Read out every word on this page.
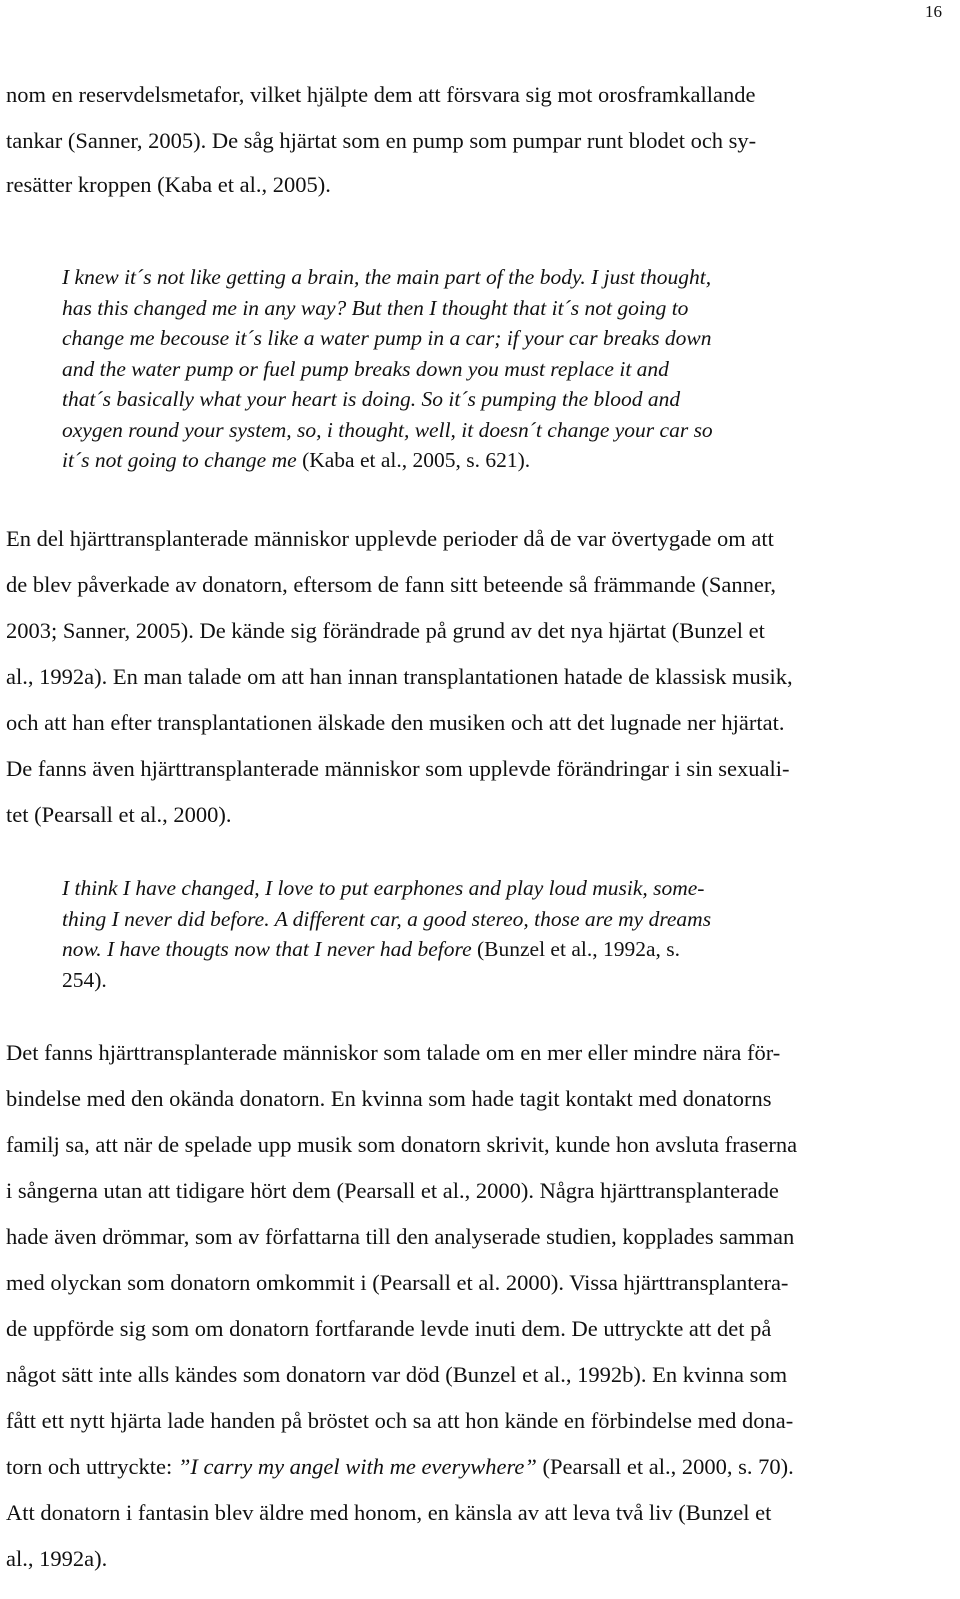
16
nom en reservdelsmetafor, vilket hjälpte dem att försvara sig mot orosframkallande
tankar (Sanner, 2005). De såg hjärtat som en pump som pumpar runt blodet och sy-
resätter kroppen (Kaba et al., 2005).
I knew it´s not like getting a brain, the main part of the body. I just thought,
has this changed me in any way? But then I thought that it´s not going to
change me becouse it´s like a water pump in a car; if your car breaks down
and the water pump or fuel pump breaks down you must replace it and
that´s basically what your heart is doing. So it´s pumping the blood and
oxygen round your system, so, i thought, well, it doesn´t change your car so
it´s not going to change me (Kaba et al., 2005, s. 621).
En del hjärttransplanterade människor upplevde perioder då de var övertygade om att
de blev påverkade av donatorn, eftersom de fann sitt beteende så främmande (Sanner,
2003; Sanner, 2005). De kände sig förändrade på grund av det nya hjärtat (Bunzel et
al., 1992a). En man talade om att han innan transplantationen hatade de klassisk musik,
och att han efter transplantationen älskade den musiken och att det lugnade ner hjärtat.
De fanns även hjärttransplanterade människor som upplevde förändringar i sin sexuali-
tet (Pearsall et al., 2000).
I think I have changed, I love to put earphones and play loud musik, some-
thing I never did before. A different car, a good stereo, those are my dreams
now. I have thougts now that I never had before (Bunzel et al., 1992a, s.
254).
Det fanns hjärttransplanterade människor som talade om en mer eller mindre nära för-
bindelse med den okända donatorn. En kvinna som hade tagit kontakt med donatorns
familj sa, att när de spelade upp musik som donatorn skrivit, kunde hon avsluta fraserna
i sångerna utan att tidigare hört dem (Pearsall et al., 2000). Några hjärttransplanterade
hade även drömmar, som av författarna till den analyserade studien, kopplades samman
med olyckan som donatorn omkommit i (Pearsall et al. 2000). Vissa hjärttransplantera-
de uppförde sig som om donatorn fortfarande levde inuti dem. De uttryckte att det på
något sätt inte alls kändes som donatorn var död (Bunzel et al., 1992b). En kvinna som
fått ett nytt hjärta lade handen på bröstet och sa att hon kände en förbindelse med dona-
torn och uttryckte: ”I carry my angel with me everywhere” (Pearsall et al., 2000, s. 70).
Att donatorn i fantasin blev äldre med honom, en känsla av att leva två liv (Bunzel et
al., 1992a).
